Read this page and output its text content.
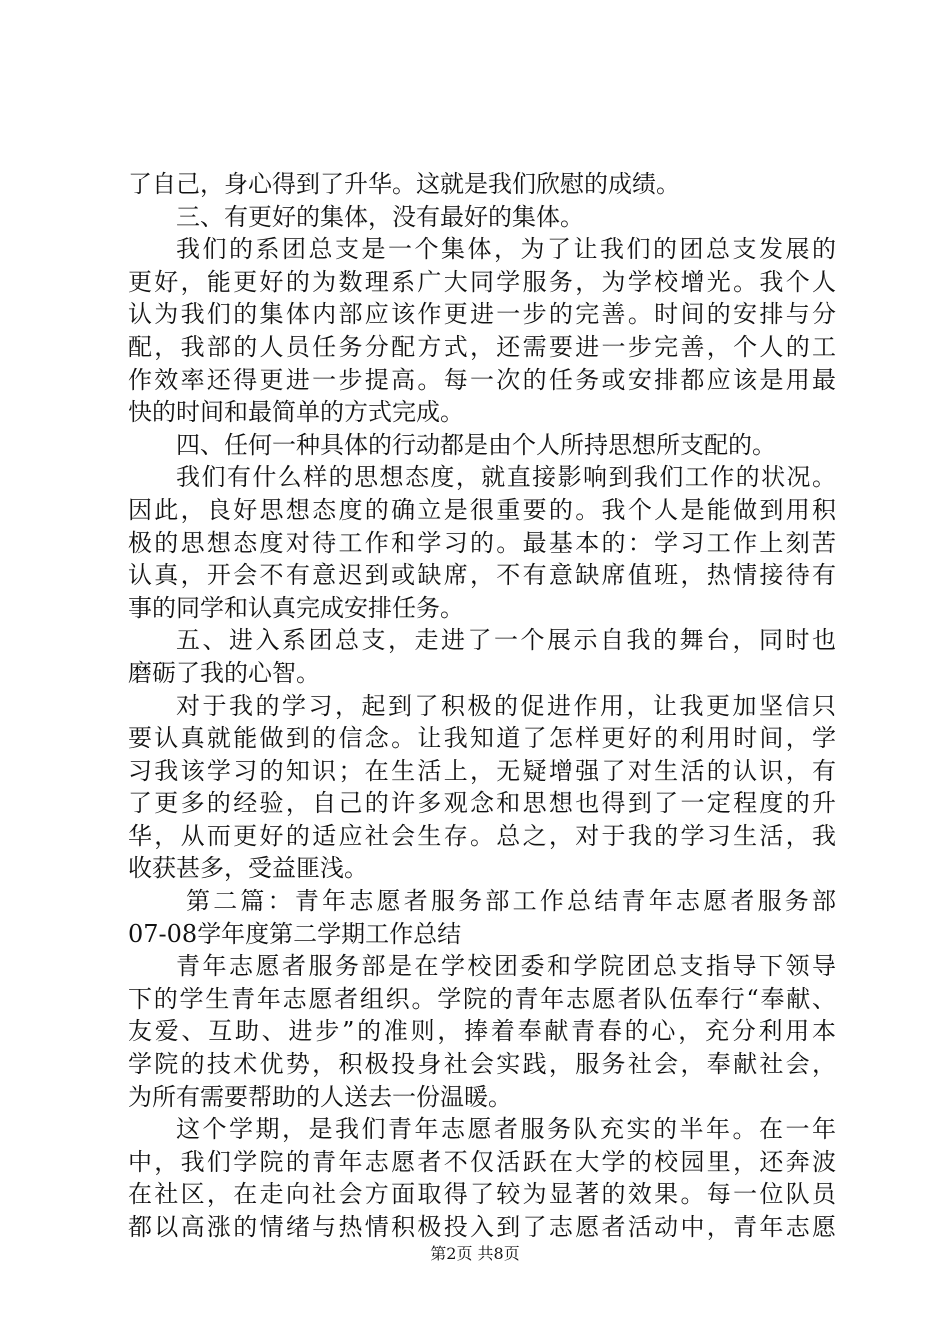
了自己，身心得到了升华。这就是我们欣慰的成绩。
三、有更好的集体，没有最好的集体。
我们的系团总支是一个集体，为了让我们的团总支发展的
更好，能更好的为数理系广大同学服务，为学校增光。我个人
认为我们的集体内部应该作更进一步的完善。时间的安排与分
配，我部的人员任务分配方式，还需要进一步完善，个人的工
作效率还得更进一步提高。每一次的任务或安排都应该是用最
快的时间和最简单的方式完成。
四、任何一种具体的行动都是由个人所持思想所支配的。
我们有什么样的思想态度，就直接影响到我们工作的状况。
因此，良好思想态度的确立是很重要的。我个人是能做到用积
极的思想态度对待工作和学习的。最基本的：学习工作上刻苦
认真，开会不有意迟到或缺席，不有意缺席值班，热情接待有
事的同学和认真完成安排任务。
五、进入系团总支，走进了一个展示自我的舞台，同时也
磨砺了我的心智。
对于我的学习，起到了积极的促进作用，让我更加坚信只
要认真就能做到的信念。让我知道了怎样更好的利用时间，学
习我该学习的知识；在生活上，无疑增强了对生活的认识，有
了更多的经验，自己的许多观念和思想也得到了一定程度的升
华，从而更好的适应社会生存。总之，对于我的学习生活，我
收获甚多，受益匪浅。
第二篇：青年志愿者服务部工作总结青年志愿者服务部
07-08学年度第二学期工作总结
青年志愿者服务部是在学校团委和学院团总支指导下领导
下的学生青年志愿者组织。学院的青年志愿者队伍奉行“奉献、
友爱、互助、进步”的准则，捧着奉献青春的心，充分利用本
学院的技术优势，积极投身社会实践，服务社会，奉献社会，
为所有需要帮助的人送去一份温暖。
这个学期，是我们青年志愿者服务队充实的半年。在一年
中，我们学院的青年志愿者不仅活跃在大学的校园里，还奔波
在社区，在走向社会方面取得了较为显著的效果。每一位队员
都以高涨的情绪与热情积极投入到了志愿者活动中，青年志愿
第2页 共8页
